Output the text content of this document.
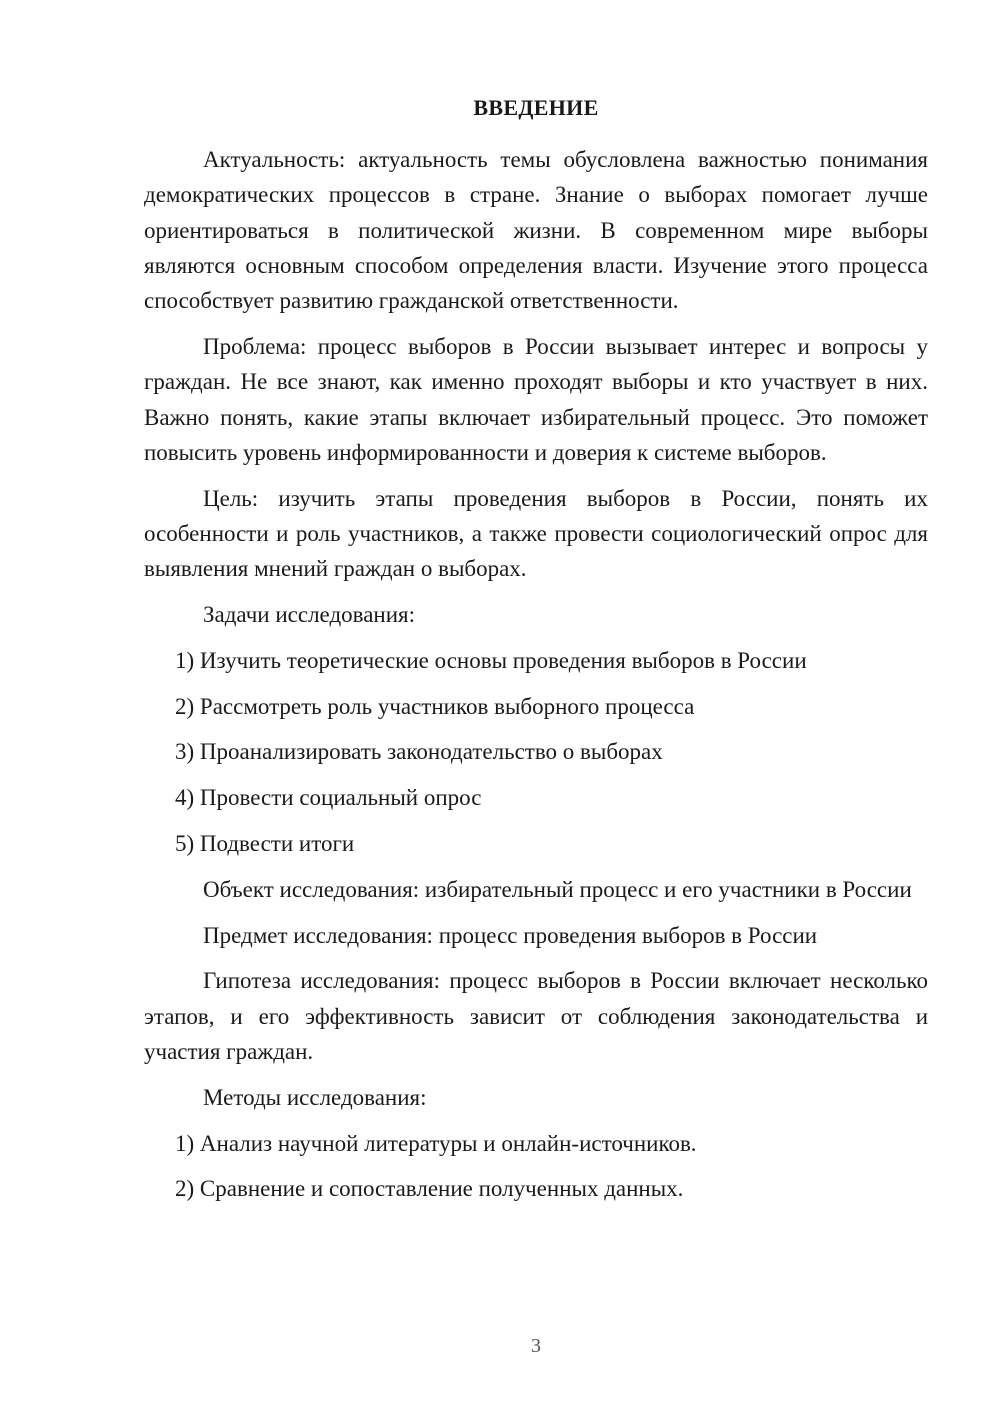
ВВЕДЕНИЕ

Актуальность: актуальность темы обусловлена важностью понимания демократических процессов в стране. Знание о выборах помогает лучше ориентироваться в политической жизни. В современном мире выборы являются основным способом определения власти. Изучение этого процесса способствует развитию гражданской ответственности.

Проблема: процесс выборов в России вызывает интерес и вопросы у граждан. Не все знают, как именно проходят выборы и кто участвует в них. Важно понять, какие этапы включает избирательный процесс. Это поможет повысить уровень информированности и доверия к системе выборов.

Цель: изучить этапы проведения выборов в России, понять их особенности и роль участников, а также провести социологический опрос для выявления мнений граждан о выборах.

Задачи исследования:

1) Изучить теоретические основы проведения выборов в России

2) Рассмотреть роль участников выборного процесса

3) Проанализировать законодательство о выборах

4) Провести социальный опрос

5) Подвести итоги

Объект исследования: избирательный процесс и его участники в России

Предмет исследования: процесс проведения выборов в России

Гипотеза исследования: процесс выборов в России включает несколько этапов, и его эффективность зависит от соблюдения законодательства и участия граждан.

Методы исследования:

1) Анализ научной литературы и онлайн-источников.

2) Сравнение и сопоставление полученных данных.

3
